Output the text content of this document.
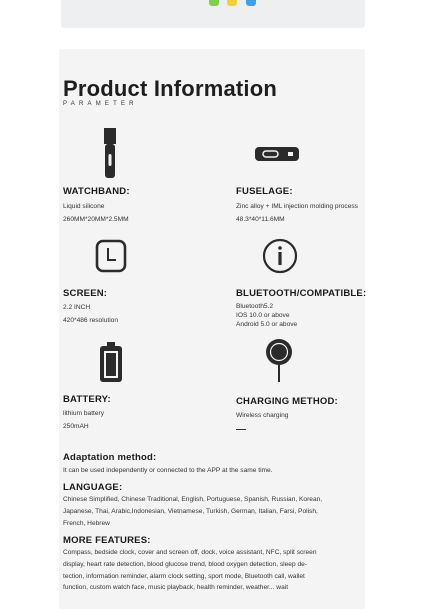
Product Information
PARAMETER
WATCHBAND:
Liquid silicone
260MM*20MM*2.5MM
FUSELAGE:
Zinc alloy + IML injection molding process
48.3*40*11.6MM
SCREEN:
2.2 INCH
420*486 resolution
BLUETOOTH/COMPATIBLE:
Bluetooth5.2
IOS 10.0 or above
Android 5.0 or above
BATTERY:
lithium battery
250mAH
CHARGING METHOD:
Wireless charging
Adaptation method:
It can be used independently or connected to the APP at the same time.
LANGUAGE:
Chinese Simplified, Chinese Traditional, English, Portuguese, Spanish, Russian, Korean,
Japanese, Thai, Arabic,Indonesian, Vietnamese, Turkish, German, Italian, Farsi, Polish,
French, Hebrew
MORE FEATURES:
Compass, bedside clock, cover and screen off, dock, voice assistant, NFC, split screen
display, heart rate detection, blood glucose trend, blood oxygen detection, sleep de-
tection, information reminder, alarm clock setting, sport mode, Bluetooth call, wallet
function, custom watch face, music playback, health reminder, weather... wait
